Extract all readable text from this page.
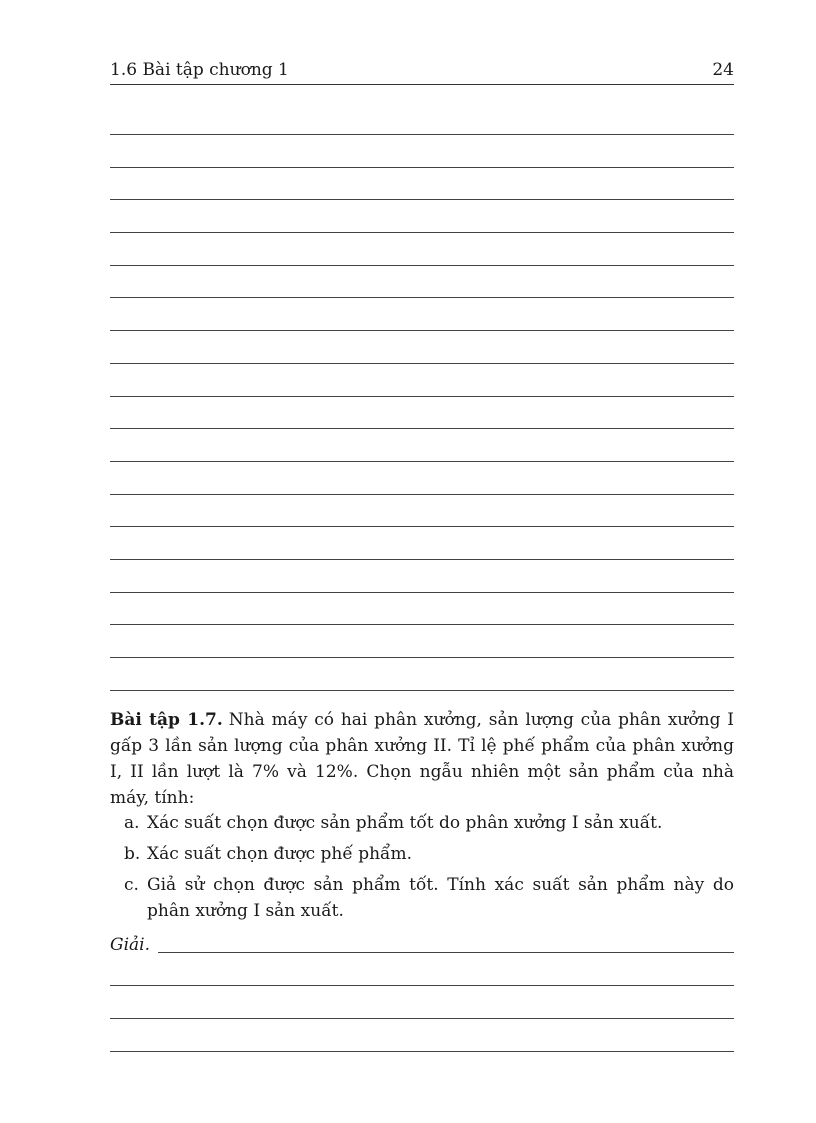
1.6 Bài tập chương 1	24
Bài tập 1.7. Nhà máy có hai phân xưởng, sản lượng của phân xưởng I gấp 3 lần sản lượng của phân xưởng II. Tỉ lệ phế phẩm của phân xưởng I, II lần lượt là 7% và 12%. Chọn ngẫu nhiên một sản phẩm của nhà máy, tính:
a. Xác suất chọn được sản phẩm tốt do phân xưởng I sản xuất.
b. Xác suất chọn được phế phẩm.
c. Giả sử chọn được sản phẩm tốt. Tính xác suất sản phẩm này do phân xưởng I sản xuất.
Giải.
